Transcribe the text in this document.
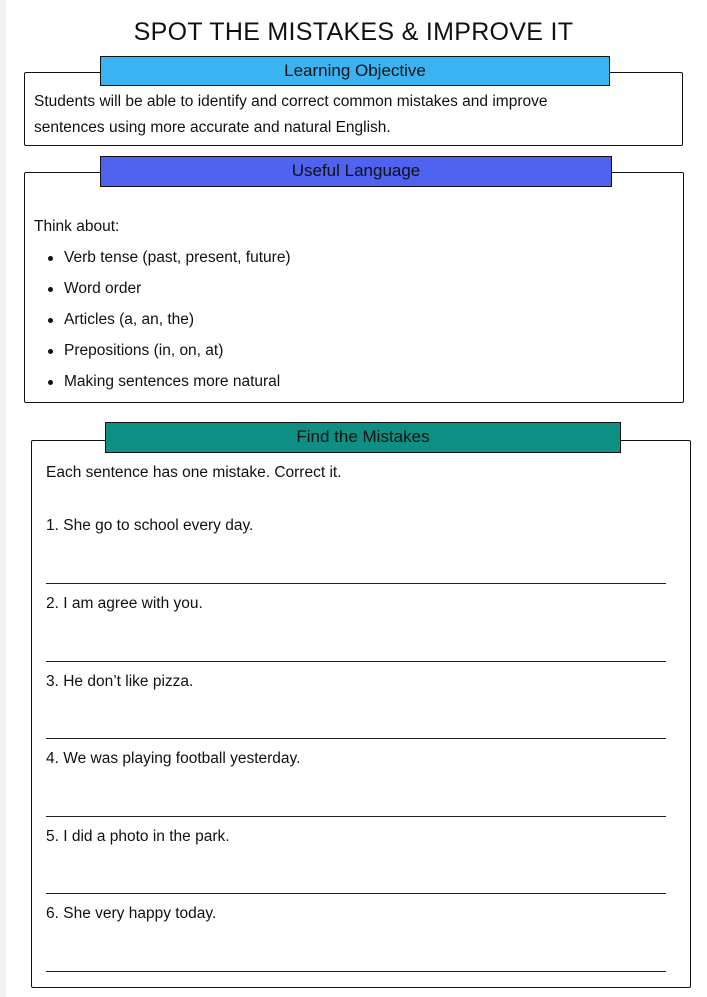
SPOT THE MISTAKES & IMPROVE IT
Learning Objective
Students will be able to identify and correct common mistakes and improve
sentences using more accurate and natural English.
Useful Language
Think about:
Verb tense (past, present, future)
Word order
Articles (a, an, the)
Prepositions (in, on, at)
Making sentences more natural
Find the Mistakes
Each sentence has one mistake. Correct it.
1. She go to school every day.
2. I am agree with you.
3. He don’t like pizza.
4. We was playing football yesterday.
5. I did a photo in the park.
6. She very happy today.
